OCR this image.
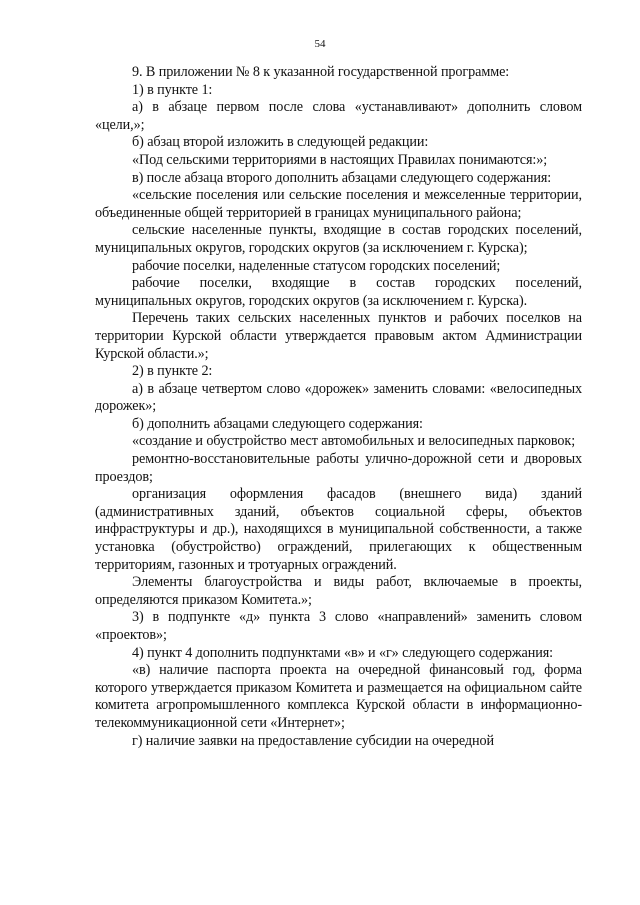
54

9. В приложении № 8 к указанной государственной программе:

1) в пункте 1:

а) в абзаце первом после слова «устанавливают» дополнить словом «цели,»;

б) абзац второй изложить в следующей редакции:

«Под сельскими территориями в настоящих Правилах понимаются:»;

в) после абзаца второго дополнить абзацами следующего содержания:

«сельские поселения или сельские поселения и межселенные территории, объединенные общей территорией в границах муниципального района;

сельские населенные пункты, входящие в состав городских поселений, муниципальных округов, городских округов (за исключением г. Курска);

рабочие поселки, наделенные статусом городских поселений;

рабочие поселки, входящие в состав городских поселений, муниципальных округов, городских округов (за исключением г. Курска).

Перечень таких сельских населенных пунктов и рабочих поселков на территории Курской области утверждается правовым актом Администрации Курской области.»;

2) в пункте 2:

а) в абзаце четвертом слово «дорожек» заменить словами: «велосипедных дорожек»;

б) дополнить абзацами следующего содержания:

«создание и обустройство мест автомобильных и велосипедных парковок;

ремонтно-восстановительные работы улично-дорожной сети и дворовых проездов;

организация оформления фасадов (внешнего вида) зданий (административных зданий, объектов социальной сферы, объектов инфраструктуры и др.), находящихся в муниципальной собственности, а также установка (обустройство) ограждений, прилегающих к общественным территориям, газонных и тротуарных ограждений.

Элементы благоустройства и виды работ, включаемые в проекты, определяются приказом Комитета.»;

3) в подпункте «д» пункта 3 слово «направлений» заменить словом «проектов»;

4) пункт 4 дополнить подпунктами «в» и «г» следующего содержания:

«в) наличие паспорта проекта на очередной финансовый год, форма которого утверждается приказом Комитета и размещается на официальном сайте комитета агропромышленного комплекса Курской области в информационно-телекоммуникационной сети «Интернет»;

г) наличие заявки на предоставление субсидии на очередной
